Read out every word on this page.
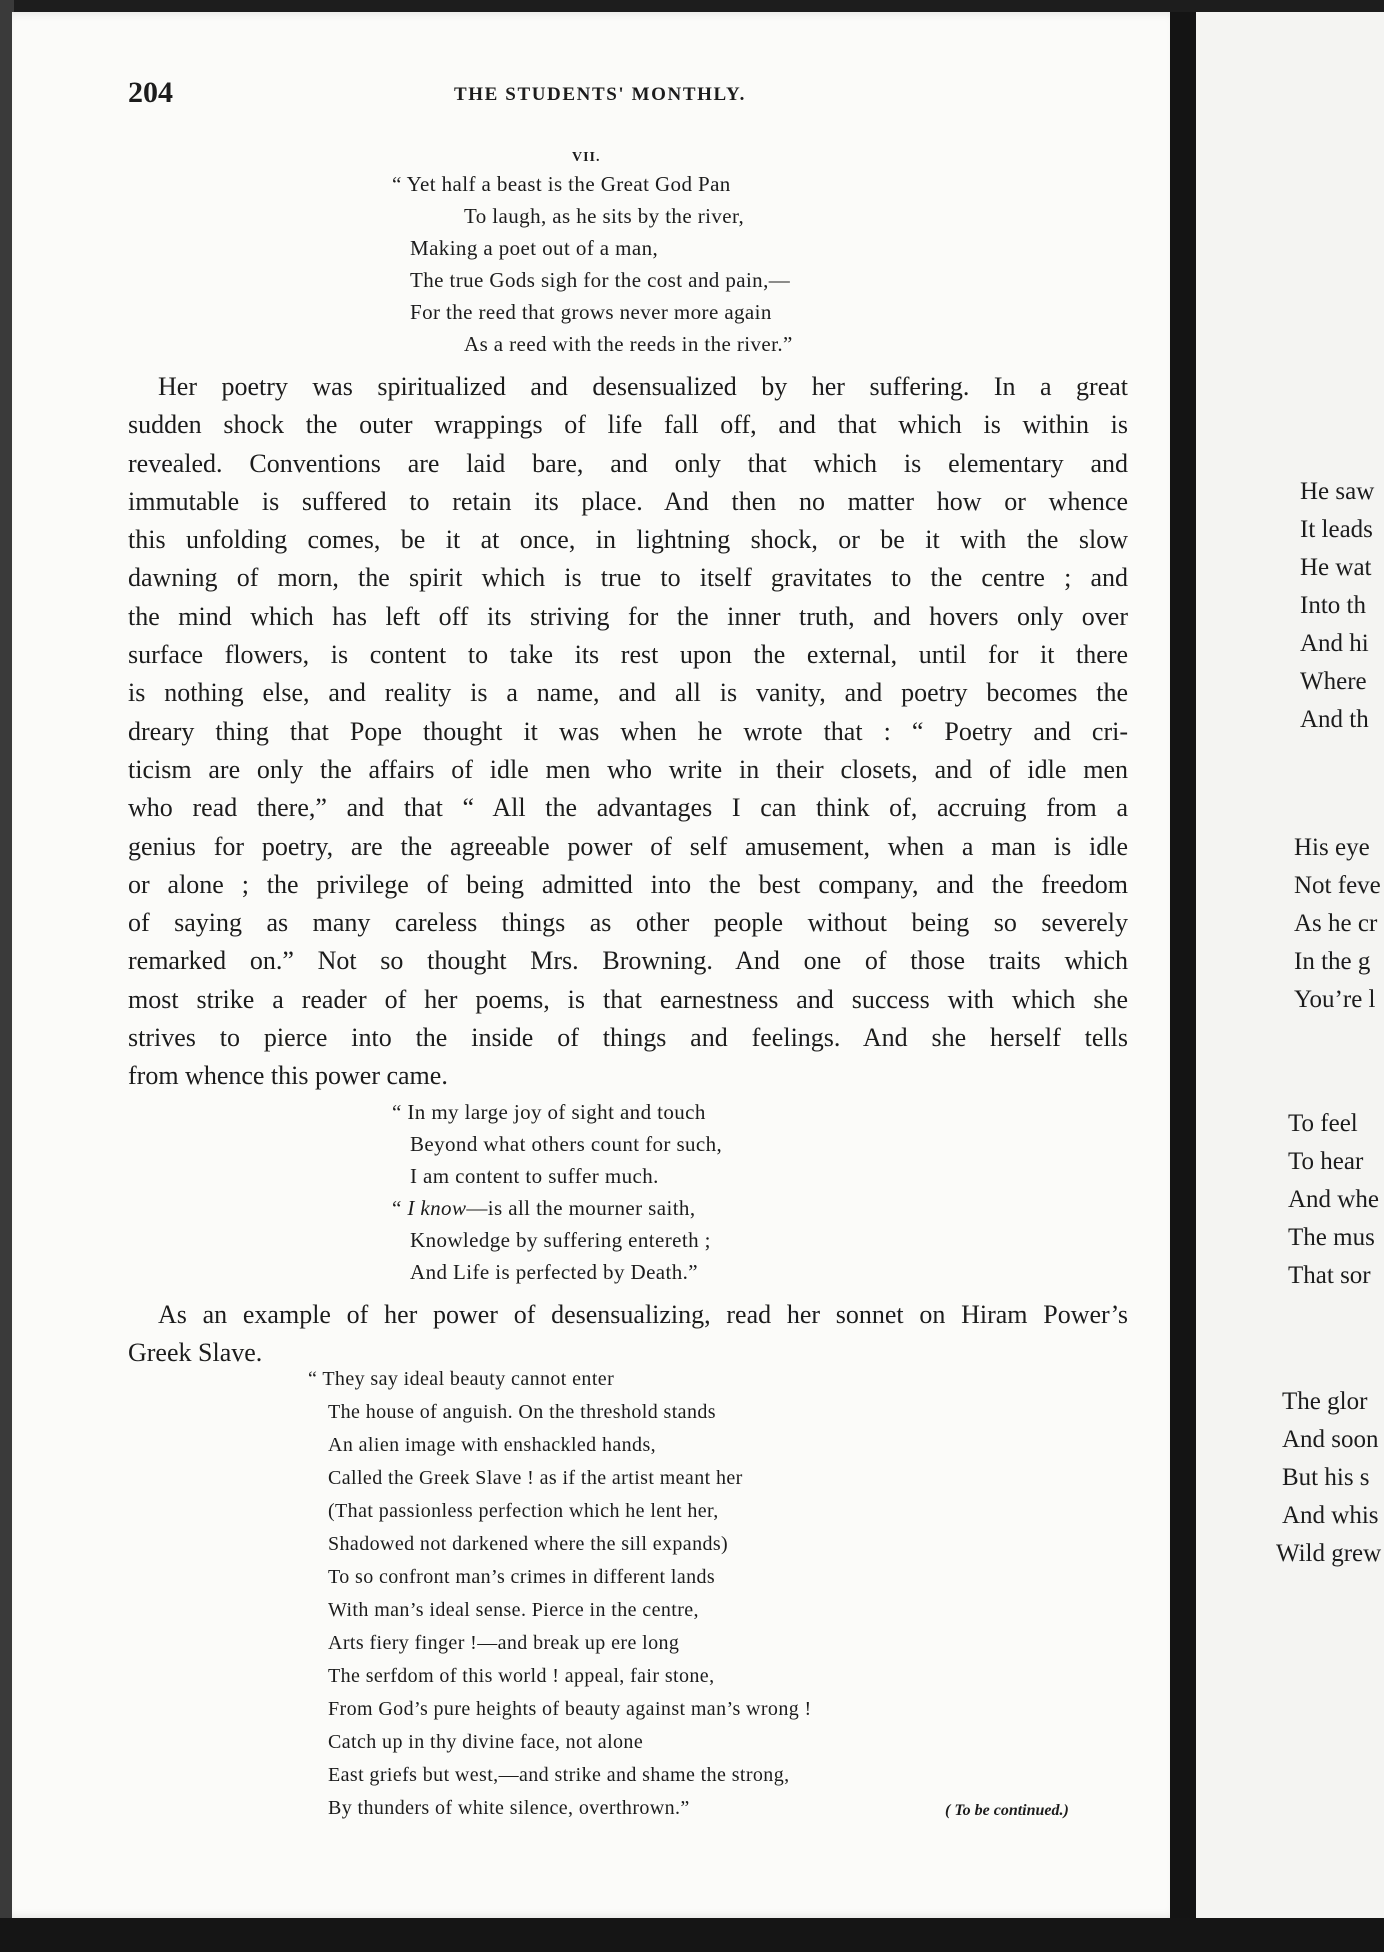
204	THE STUDENTS' MONTHLY.
VII.
“ Yet half a beast is the Great God Pan
To laugh, as he sits by the river,
Making a poet out of a man,
The true Gods sigh for the cost and pain,—
For the reed that grows never more again
As a reed with the reeds in the river.”
Her poetry was spiritualized and desensualized by her suffering. In a great
sudden shock the outer wrappings of life fall off, and that which is within is
revealed. Conventions are laid bare, and only that which is elementary and
immutable is suffered to retain its place. And then no matter how or whence
this unfolding comes, be it at once, in lightning shock, or be it with the slow
dawning of morn, the spirit which is true to itself gravitates to the centre ; and
the mind which has left off its striving for the inner truth, and hovers only over
surface flowers, is content to take its rest upon the external, until for it there
is nothing else, and reality is a name, and all is vanity, and poetry becomes the
dreary thing that Pope thought it was when he wrote that : “ Poetry and cri-
ticism are only the affairs of idle men who write in their closets, and of idle men
who read there,” and that “ All the advantages I can think of, accruing from a
genius for poetry, are the agreeable power of self amusement, when a man is idle
or alone ; the privilege of being admitted into the best company, and the freedom
of saying as many careless things as other people without being so severely
remarked on.” Not so thought Mrs. Browning. And one of those traits which
most strike a reader of her poems, is that earnestness and success with which she
strives to pierce into the inside of things and feelings. And she herself tells
from whence this power came.
“ In my large joy of sight and touch
Beyond what others count for such,
I am content to suffer much.
“ I know—is all the mourner saith,
Knowledge by suffering entereth ;
And Life is perfected by Death.”
As an example of her power of desensualizing, read her sonnet on Hiram Power’s
Greek Slave.
“ They say ideal beauty cannot enter
The house of anguish. On the threshold stands
An alien image with enshackled hands,
Called the Greek Slave ! as if the artist meant her
(That passionless perfection which he lent her,
Shadowed not darkened where the sill expands)
To so confront man’s crimes in different lands
With man’s ideal sense. Pierce in the centre,
Arts fiery finger !—and break up ere long
The serfdom of this world ! appeal, fair stone,
From God’s pure heights of beauty against man’s wrong !
Catch up in thy divine face, not alone
East griefs but west,—and strike and shame the strong,
By thunders of white silence, overthrown.”	( To be continued.)
He saw
It leads
He wat
Into th
And hi
Where
And th
His eye
Not feve
As he cr
In the g
You’re l
To feel
To hear
And whe
The mus
That sor
The glor
And soon
But his s
And whis
Wild grew
